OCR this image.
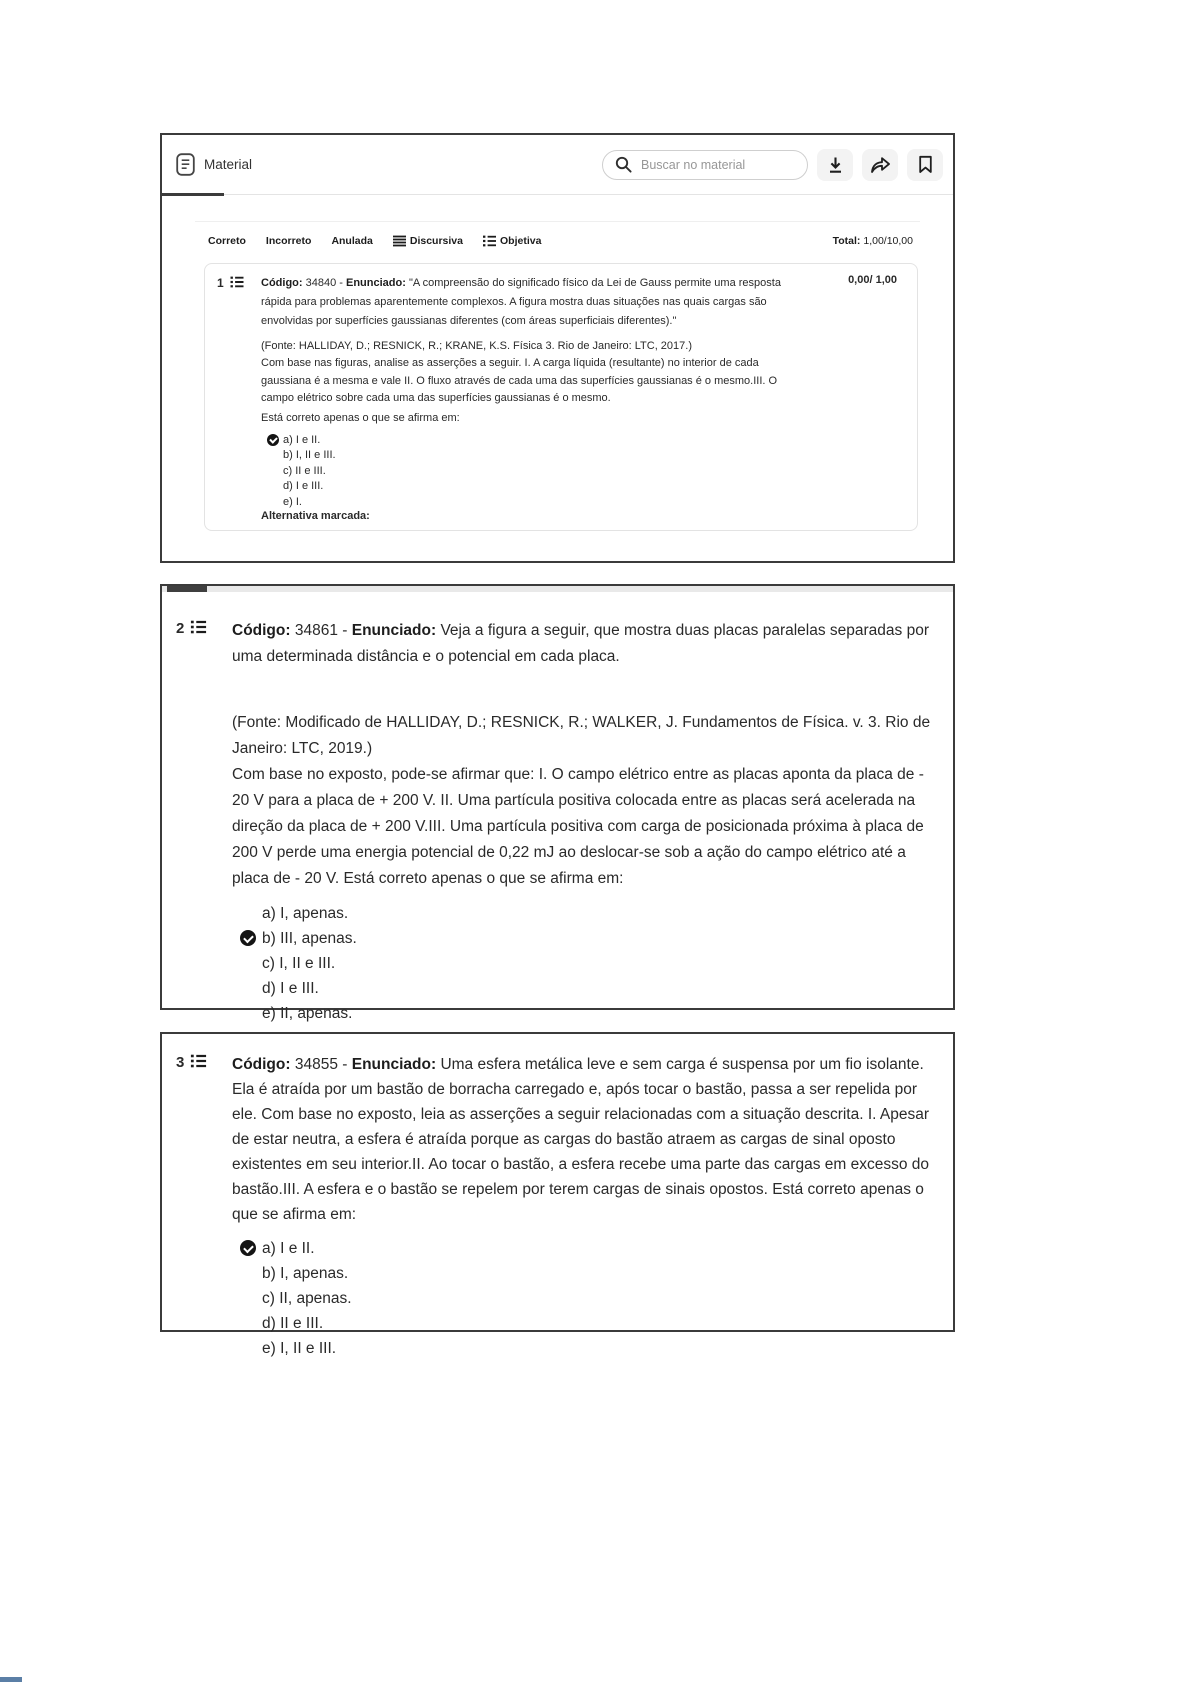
Material	Buscar no material
Correto Incorreto Anulada	Discursiva	Objetiva	Total: 1,00/10,00
1	Código: 34840 - Enunciado: "A compreensão do significado físico da Lei de Gauss permite uma resposta rápida para problemas aparentemente complexos. A figura mostra duas situações nas quais cargas são envolvidas por superfícies gaussianas diferentes (com áreas superficiais diferentes)."

(Fonte: HALLIDAY, D.; RESNICK, R.; KRANE, K.S. Física 3. Rio de Janeiro: LTC, 2017.)

Com base nas figuras, analise as asserções a seguir. I. A carga líquida (resultante) no interior de cada gaussiana é a mesma e vale II. O fluxo através de cada uma das superfícies gaussianas é o mesmo.III. O campo elétrico sobre cada uma das superfícies gaussianas é o mesmo.

Está correto apenas o que se afirma em:

a) I e II.
b) I, II e III.
c) II e III.
d) I e III.
e) I.

Alternativa marcada:

0,00/ 1,00
2	Código: 34861 - Enunciado: Veja a figura a seguir, que mostra duas placas paralelas separadas por uma determinada distância e o potencial em cada placa.

(Fonte: Modificado de HALLIDAY, D.; RESNICK, R.; WALKER, J. Fundamentos de Física. v. 3. Rio de Janeiro: LTC, 2019.)

Com base no exposto, pode-se afirmar que: I. O campo elétrico entre as placas aponta da placa de - 20 V para a placa de + 200 V. II. Uma partícula positiva colocada entre as placas será acelerada na direção da placa de + 200 V.III. Uma partícula positiva com carga de posicionada próxima à placa de 200 V perde uma energia potencial de 0,22 mJ ao deslocar-se sob a ação do campo elétrico até a placa de - 20 V. Está correto apenas o que se afirma em:

a) I, apenas.
b) III, apenas.
c) I, II e III.
d) I e III.
e) II, apenas.
3	Código: 34855 - Enunciado: Uma esfera metálica leve e sem carga é suspensa por um fio isolante. Ela é atraída por um bastão de borracha carregado e, após tocar o bastão, passa a ser repelida por ele. Com base no exposto, leia as asserções a seguir relacionadas com a situação descrita. I. Apesar de estar neutra, a esfera é atraída porque as cargas do bastão atraem as cargas de sinal oposto existentes em seu interior.II. Ao tocar o bastão, a esfera recebe uma parte das cargas em excesso do bastão.III. A esfera e o bastão se repelem por terem cargas de sinais opostos. Está correto apenas o que se afirma em:

a) I e II.
b) I, apenas.
c) II, apenas.
d) II e III.
e) I, II e III.
